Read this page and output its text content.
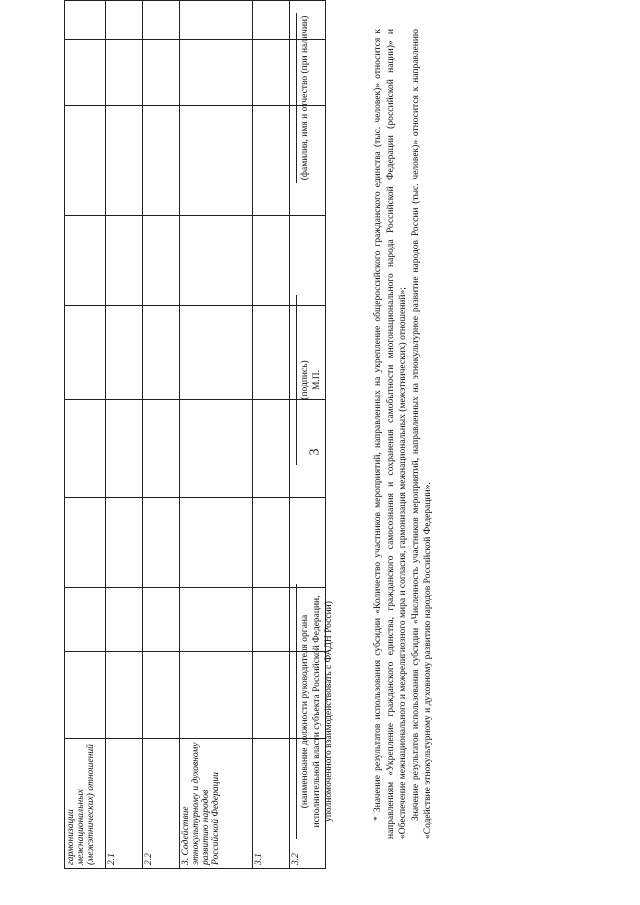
3
гармонизации межнациональных (межэтнических) отношений									
2.1									
2.2									
3. Содействие этнокультурному и духовному развитию народов Российской Федерации									
3.1									
3.2									
(наименование должности руководителя органа исполнительной власти субъекта Российской Федерации, уполномоченного взаимодействовать с ФАДН России)
(подпись) М.П.
(фамилия, имя и отчество (при наличии)	* Значение результатов использования субсидии «Количество участников мероприятий, направленных на укрепление общероссийского гражданского единства (тыс. человек)» относится к направлениям «Укрепление гражданского единства, гражданского самосознания и сохранения самобытности многонационального народа Российской Федерации (российской нации)» и «Обеспечение межнационального и межрелигиозного мира и согласия, гармонизация межнациональных (межэтнических) отношений»; Значение результатов использования субсидии «Численность участников мероприятий, направленных на этнокультурное развитие народов России (тыс. человек)» относится к направлению «Содействие этнокультурному и духовному развитию народов Российской Федерации».
